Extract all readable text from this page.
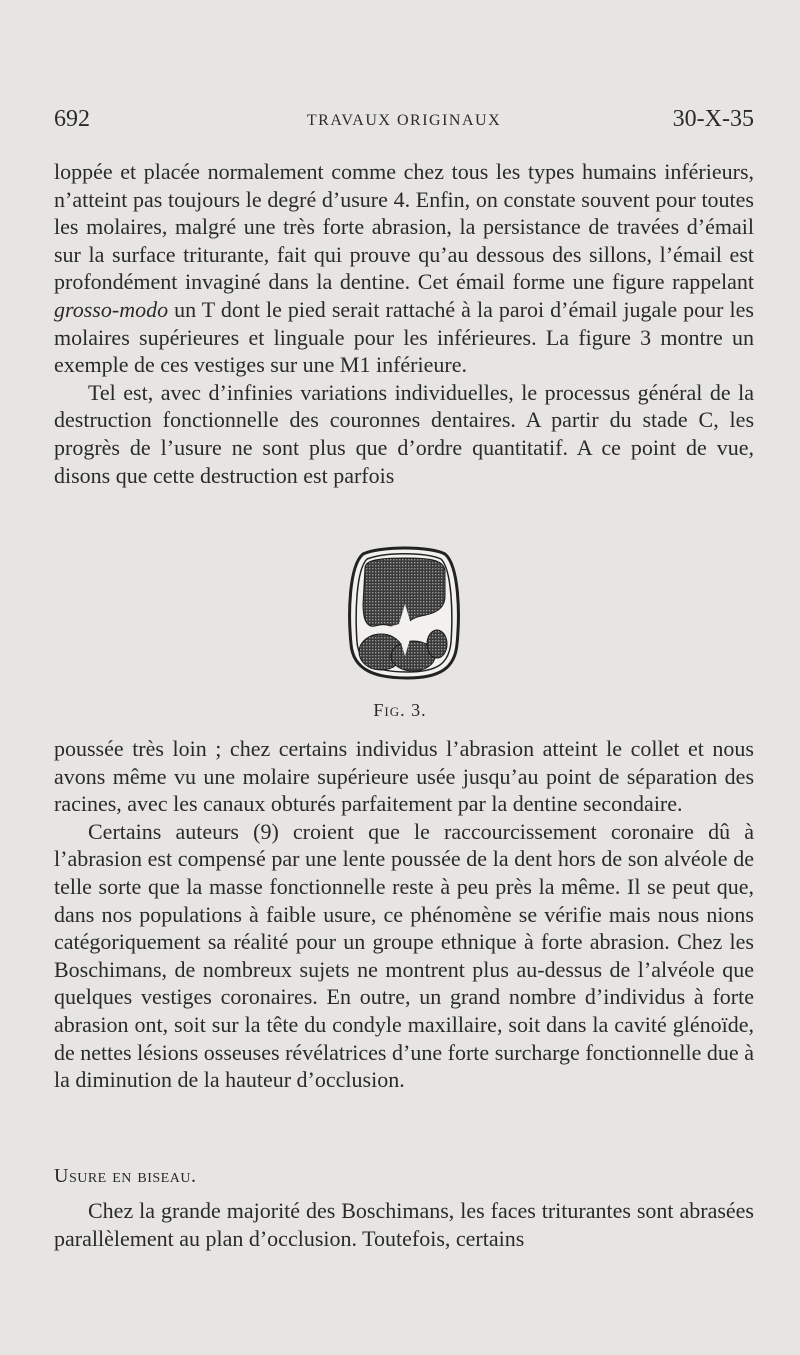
692	TRAVAUX ORIGINAUX	30-X-35

loppée et placée normalement comme chez tous les types humains inférieurs, n’atteint pas toujours le degré d’usure 4. Enfin, on constate souvent pour toutes les molaires, malgré une très forte abrasion, la persistance de travées d’émail sur la surface triturante, fait qui prouve qu’au dessous des sillons, l’émail est profondément invaginé dans la dentine. Cet émail forme une figure rappelant grosso-modo un T dont le pied serait rattaché à la paroi d’émail jugale pour les molaires supérieures et linguale pour les inférieures. La figure 3 montre un exemple de ces vestiges sur une M1 inférieure.

Tel est, avec d’infinies variations individuelles, le processus général de la destruction fonctionnelle des couronnes dentaires. A partir du stade C, les progrès de l’usure ne sont plus que d’ordre quantitatif. A ce point de vue, disons que cette destruction est parfois

Fig. 3.

poussée très loin ; chez certains individus l’abrasion atteint le collet et nous avons même vu une molaire supérieure usée jusqu’au point de séparation des racines, avec les canaux obturés parfaitement par la dentine secondaire.

Certains auteurs (9) croient que le raccourcissement coronaire dû à l’abrasion est compensé par une lente poussée de la dent hors de son alvéole de telle sorte que la masse fonctionnelle reste à peu près la même. Il se peut que, dans nos populations à faible usure, ce phénomène se vérifie mais nous nions catégoriquement sa réalité pour un groupe ethnique à forte abrasion. Chez les Boschimans, de nombreux sujets ne montrent plus au-dessus de l’alvéole que quelques vestiges coronaires. En outre, un grand nombre d’individus à forte abrasion ont, soit sur la tête du condyle maxillaire, soit dans la cavité glénoïde, de nettes lésions osseuses révélatrices d’une forte surcharge fonctionnelle due à la diminution de la hauteur d’occlusion.

Usure en biseau.

Chez la grande majorité des Boschimans, les faces triturantes sont abrasées parallèlement au plan d’occlusion. Toutefois, certains
